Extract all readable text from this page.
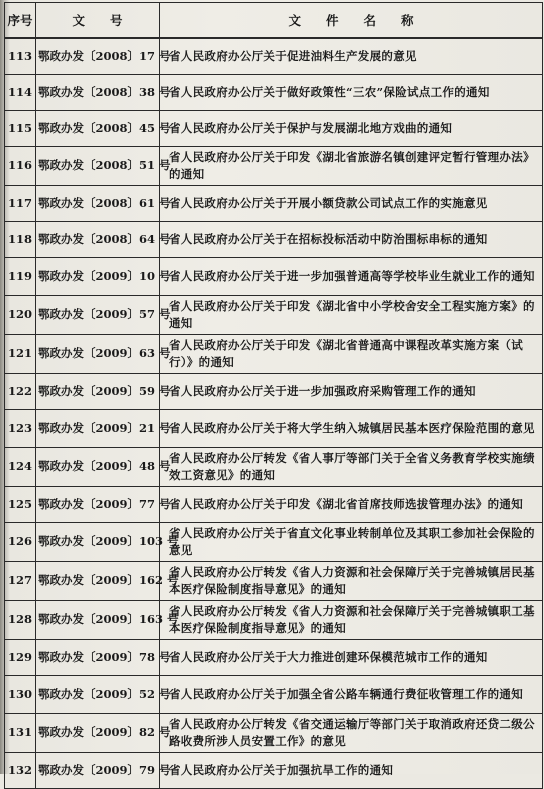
序号	文　　号	文　　件　　名　　称
113	鄂政办发〔2008〕17 号	省人民政府办公厅关于促进油料生产发展的意见
114	鄂政办发〔2008〕38 号	省人民政府办公厅关于做好政策性“三农”保险试点工作的通知
115	鄂政办发〔2008〕45 号	省人民政府办公厅关于保护与发展湖北地方戏曲的通知
116	鄂政办发〔2008〕51 号	省人民政府办公厅关于印发《湖北省旅游名镇创建评定暂行管理办法》的通知
117	鄂政办发〔2008〕61 号	省人民政府办公厅关于开展小额贷款公司试点工作的实施意见
118	鄂政办发〔2008〕64 号	省人民政府办公厅关于在招标投标活动中防治围标串标的通知
119	鄂政办发〔2009〕10 号	省人民政府办公厅关于进一步加强普通高等学校毕业生就业工作的通知
120	鄂政办发〔2009〕57 号	省人民政府办公厅关于印发《湖北省中小学校舍安全工程实施方案》的通知
121	鄂政办发〔2009〕63 号	省人民政府办公厅关于印发《湖北省普通高中课程改革实施方案（试行）》的通知
122	鄂政办发〔2009〕59 号	省人民政府办公厅关于进一步加强政府采购管理工作的通知
123	鄂政办发〔2009〕21 号	省人民政府办公厅关于将大学生纳入城镇居民基本医疗保险范围的意见
124	鄂政办发〔2009〕48 号	省人民政府办公厅转发《省人事厅等部门关于全省义务教育学校实施绩效工资意见》的通知
125	鄂政办发〔2009〕77 号	省人民政府办公厅关于印发《湖北省首席技师选拔管理办法》的通知
126	鄂政办发〔2009〕103 号	省人民政府办公厅关于省直文化事业转制单位及其职工参加社会保险的意见
127	鄂政办发〔2009〕162 号	省人民政府办公厅转发《省人力资源和社会保障厅关于完善城镇居民基本医疗保险制度指导意见》的通知
128	鄂政办发〔2009〕163 号	省人民政府办公厅转发《省人力资源和社会保障厅关于完善城镇职工基本医疗保险制度指导意见》的通知
129	鄂政办发〔2009〕78 号	省人民政府办公厅关于大力推进创建环保模范城市工作的通知
130	鄂政办发〔2009〕52 号	省人民政府办公厅关于加强全省公路车辆通行费征收管理工作的通知
131	鄂政办发〔2009〕82 号	省人民政府办公厅转发《省交通运输厅等部门关于取消政府还贷二级公路收费所涉人员安置工作》的意见
132	鄂政办发〔2009〕79 号	省人民政府办公厅关于加强抗旱工作的通知
